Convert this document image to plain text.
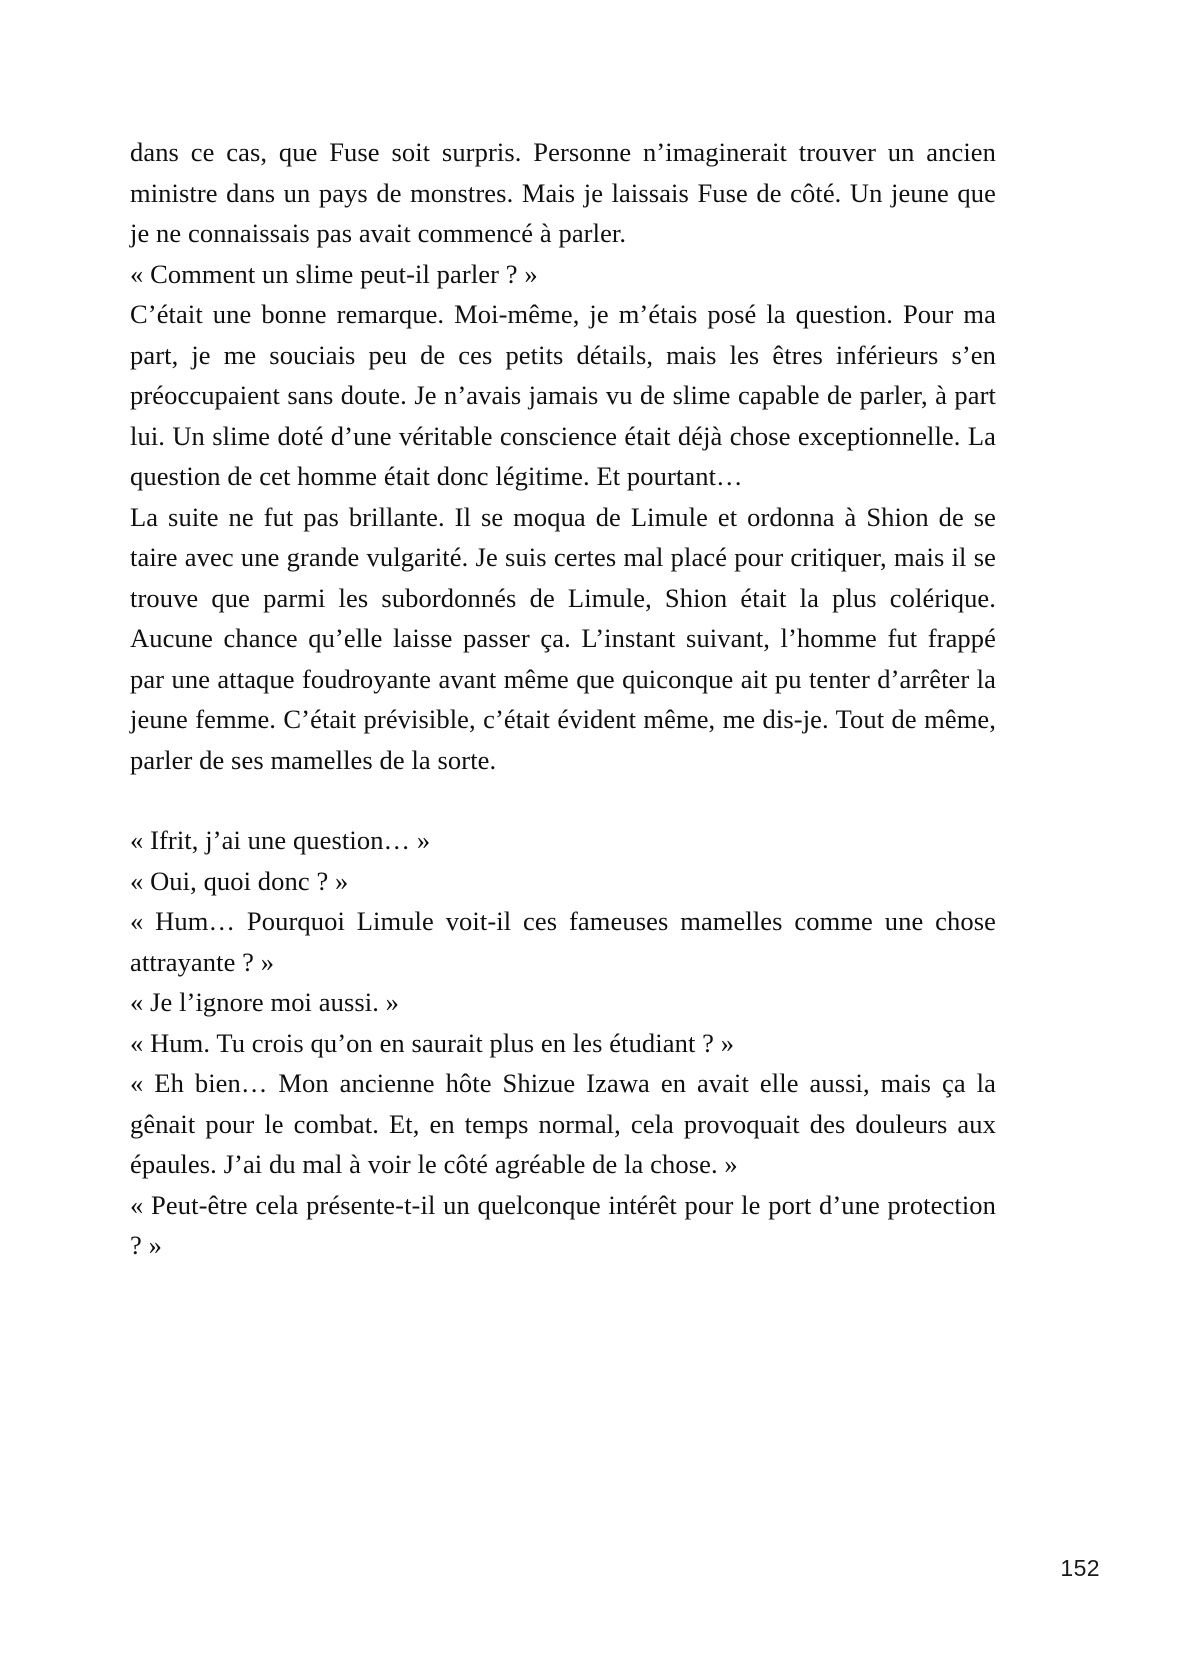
dans ce cas, que Fuse soit surpris. Personne n’imaginerait trouver un ancien ministre dans un pays de monstres. Mais je laissais Fuse de côté. Un jeune que je ne connaissais pas avait commencé à parler.

« Comment un slime peut-il parler ? »

C’était une bonne remarque. Moi-même, je m’étais posé la question. Pour ma part, je me souciais peu de ces petits détails, mais les êtres inférieurs s’en préoccupaient sans doute. Je n’avais jamais vu de slime capable de parler, à part lui. Un slime doté d’une véritable conscience était déjà chose exceptionnelle. La question de cet homme était donc légitime. Et pourtant…

La suite ne fut pas brillante. Il se moqua de Limule et ordonna à Shion de se taire avec une grande vulgarité. Je suis certes mal placé pour critiquer, mais il se trouve que parmi les subordonnés de Limule, Shion était la plus colérique. Aucune chance qu’elle laisse passer ça. L’instant suivant, l’homme fut frappé par une attaque foudroyante avant même que quiconque ait pu tenter d’arrêter la jeune femme. C’était prévisible, c’était évident même, me dis-je. Tout de même, parler de ses mamelles de la sorte.

« Ifrit, j’ai une question… »

« Oui, quoi donc ? »

« Hum… Pourquoi Limule voit-il ces fameuses mamelles comme une chose attrayante ? »

« Je l’ignore moi aussi. »

« Hum. Tu crois qu’on en saurait plus en les étudiant ? »

« Eh bien… Mon ancienne hôte Shizue Izawa en avait elle aussi, mais ça la gênait pour le combat. Et, en temps normal, cela provoquait des douleurs aux épaules. J’ai du mal à voir le côté agréable de la chose. »

« Peut-être cela présente-t-il un quelconque intérêt pour le port d’une protection ? »

152
